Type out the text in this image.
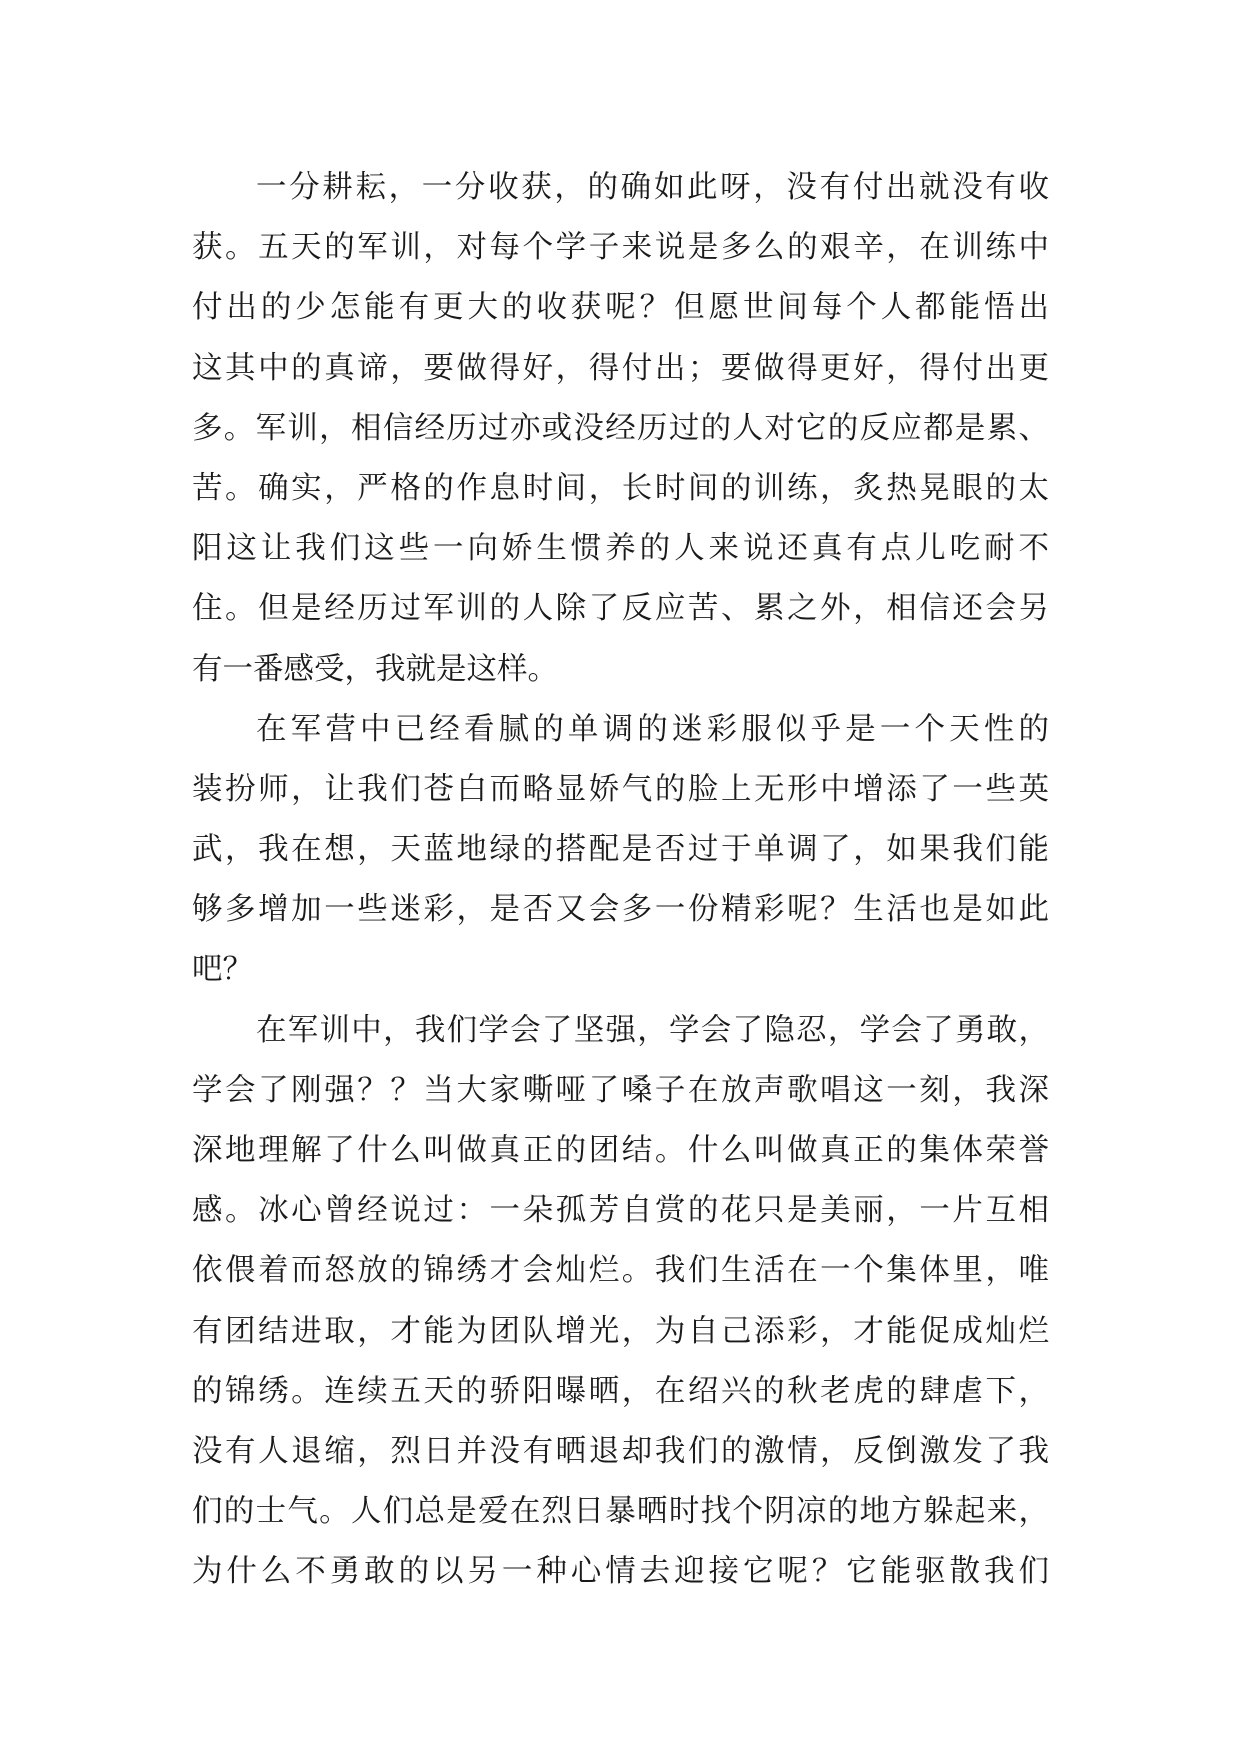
一分耕耘，一分收获，的确如此呀，没有付出就没有收
获。五天的军训，对每个学子来说是多么的艰辛，在训练中
付出的少怎能有更大的收获呢？但愿世间每个人都能悟出
这其中的真谛，要做得好，得付出；要做得更好，得付出更
多。军训，相信经历过亦或没经历过的人对它的反应都是累、
苦。确实，严格的作息时间，长时间的训练，炙热晃眼的太
阳这让我们这些一向娇生惯养的人来说还真有点儿吃耐不
住。但是经历过军训的人除了反应苦、累之外，相信还会另
有一番感受，我就是这样。
在军营中已经看腻的单调的迷彩服似乎是一个天性的
装扮师，让我们苍白而略显娇气的脸上无形中增添了一些英
武，我在想，天蓝地绿的搭配是否过于单调了，如果我们能
够多增加一些迷彩，是否又会多一份精彩呢？生活也是如此
吧？
在军训中，我们学会了坚强，学会了隐忍，学会了勇敢，
学会了刚强？？当大家嘶哑了嗓子在放声歌唱这一刻，我深
深地理解了什么叫做真正的团结。什么叫做真正的集体荣誉
感。冰心曾经说过：一朵孤芳自赏的花只是美丽，一片互相
依偎着而怒放的锦绣才会灿烂。我们生活在一个集体里，唯
有团结进取，才能为团队增光，为自己添彩，才能促成灿烂
的锦绣。连续五天的骄阳曝晒，在绍兴的秋老虎的肆虐下，
没有人退缩，烈日并没有晒退却我们的激情，反倒激发了我
们的士气。人们总是爱在烈日暴晒时找个阴凉的地方躲起来，
为什么不勇敢的以另一种心情去迎接它呢？它能驱散我们
